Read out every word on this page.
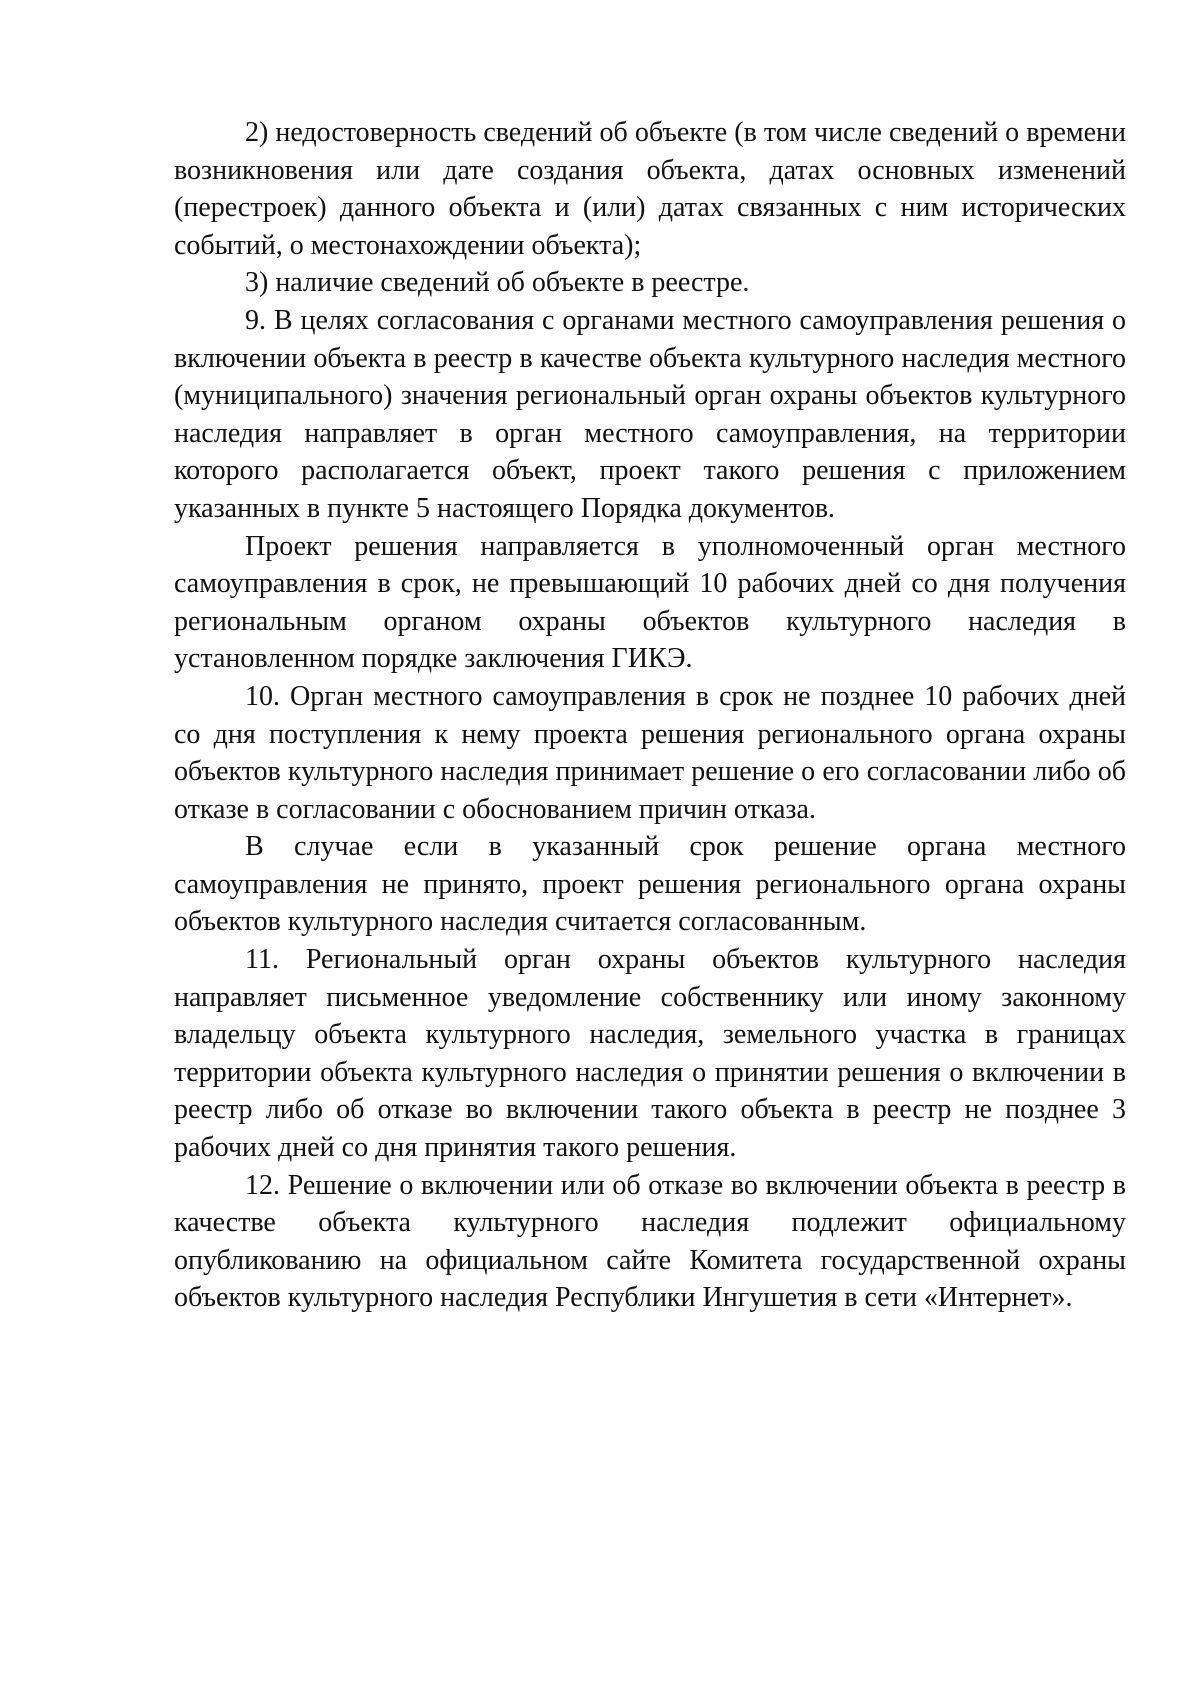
2) недостоверность сведений об объекте (в том числе сведений о времени возникновения или дате создания объекта, датах основных изменений (перестроек) данного объекта и (или) датах связанных с ним исторических событий, о местонахождении объекта);

3) наличие сведений об объекте в реестре.

9. В целях согласования с органами местного самоуправления решения о включении объекта в реестр в качестве объекта культурного наследия местного (муниципального) значения региональный орган охраны объектов культурного наследия направляет в орган местного самоуправления, на территории которого располагается объект, проект такого решения с приложением указанных в пункте 5 настоящего Порядка документов.

Проект решения направляется в уполномоченный орган местного самоуправления в срок, не превышающий 10 рабочих дней со дня получения региональным органом охраны объектов культурного наследия в установленном порядке заключения ГИКЭ.

10. Орган местного самоуправления в срок не позднее 10 рабочих дней со дня поступления к нему проекта решения регионального органа охраны объектов культурного наследия принимает решение о его согласовании либо об отказе в согласовании с обоснованием причин отказа.

В случае если в указанный срок решение органа местного самоуправления не принято, проект решения регионального органа охраны объектов культурного наследия считается согласованным.

11. Региональный орган охраны объектов культурного наследия направляет письменное уведомление собственнику или иному законному владельцу объекта культурного наследия, земельного участка в границах территории объекта культурного наследия о принятии решения о включении в реестр либо об отказе во включении такого объекта в реестр не позднее 3 рабочих дней со дня принятия такого решения.

12. Решение о включении или об отказе во включении объекта в реестр в качестве объекта культурного наследия подлежит официальному опубликованию на официальном сайте Комитета государственной охраны объектов культурного наследия Республики Ингушетия в сети «Интернет».
